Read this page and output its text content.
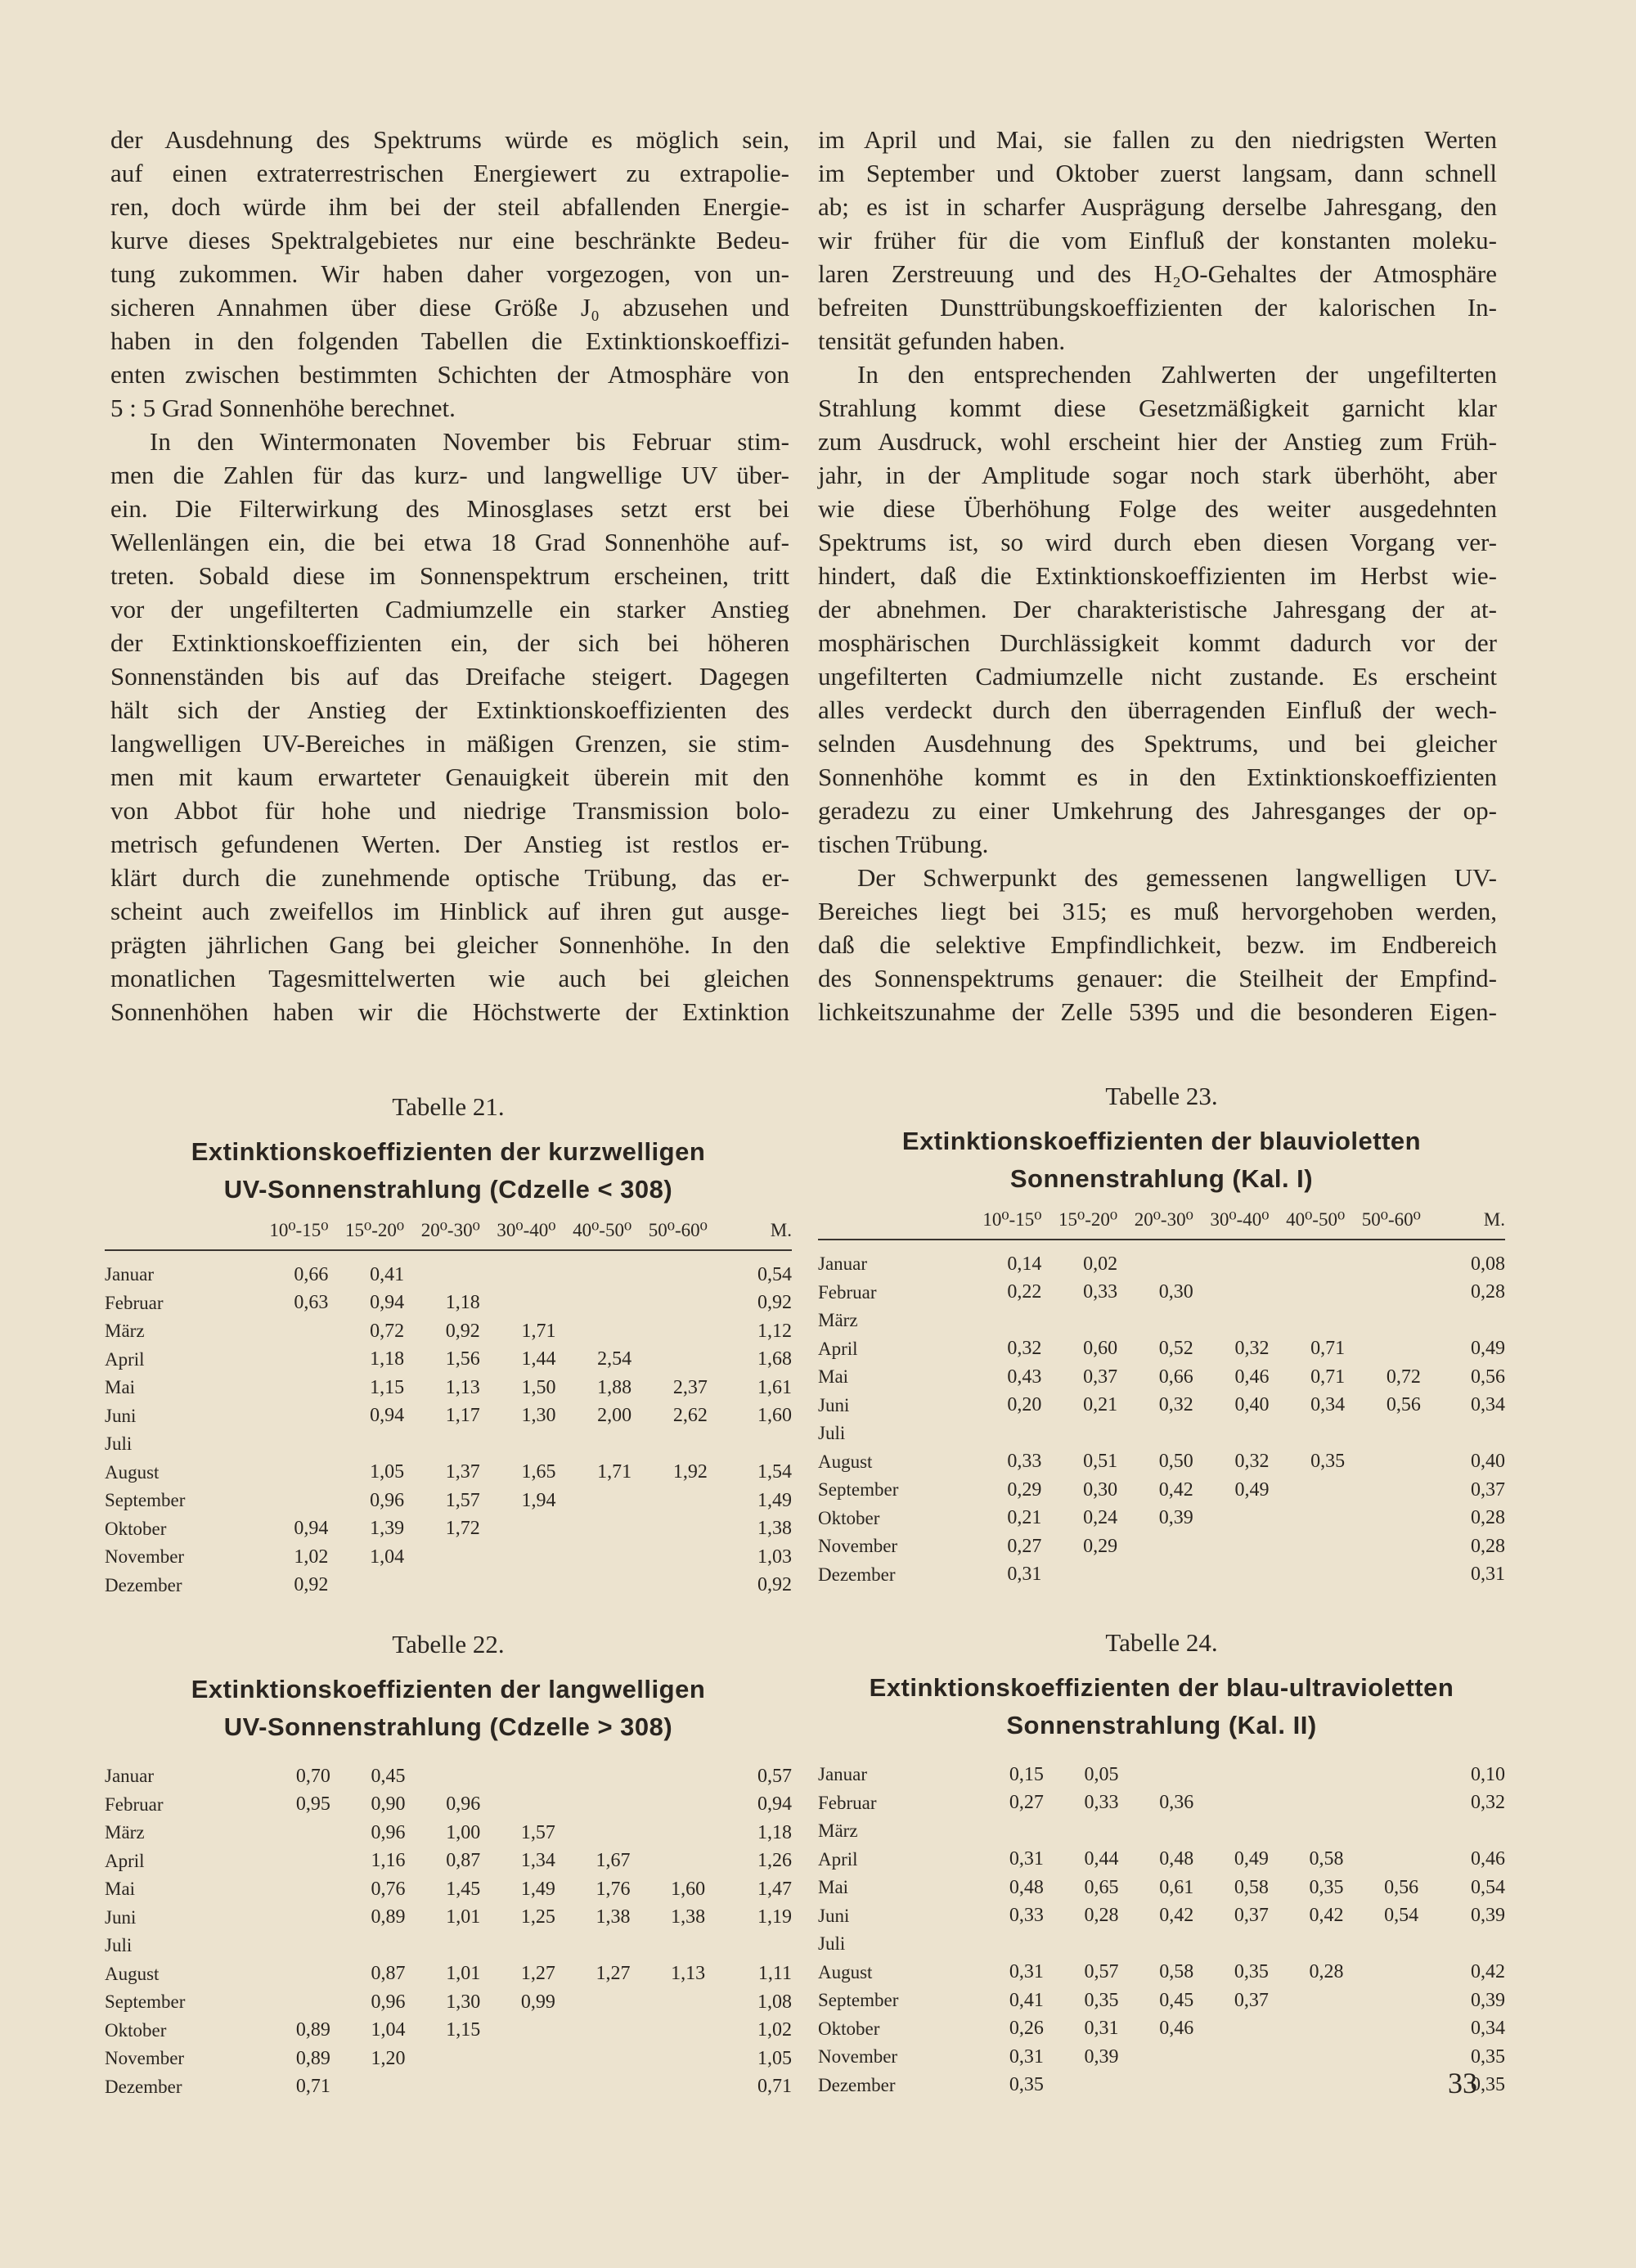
der Ausdehnung des Spektrums würde es möglich sein,
auf einen extraterrestrischen Energiewert zu extrapolie-
ren, doch würde ihm bei der steil abfallenden Energie-
kurve dieses Spektralgebietes nur eine beschränkte Bedeu-
tung zukommen. Wir haben daher vorgezogen, von un-
sicheren Annahmen über diese Größe J₀ abzusehen und
haben in den folgenden Tabellen die Extinktionskoeffizi-
enten zwischen bestimmten Schichten der Atmosphäre von
5 : 5 Grad Sonnenhöhe berechnet.
In den Wintermonaten November bis Februar stim-
men die Zahlen für das kurz- und langwellige UV über-
ein. Die Filterwirkung des Minosglases setzt erst bei
Wellenlängen ein, die bei etwa 18 Grad Sonnenhöhe auf-
treten. Sobald diese im Sonnenspektrum erscheinen, tritt
vor der ungefilterten Cadmiumzelle ein starker Anstieg
der Extinktionskoeffizienten ein, der sich bei höheren
Sonnenständen bis auf das Dreifache steigert. Dagegen
hält sich der Anstieg der Extinktionskoeffizienten des
langwelligen UV-Bereiches in mäßigen Grenzen, sie stim-
men mit kaum erwarteter Genauigkeit überein mit den
von Abbot für hohe und niedrige Transmission bolo-
metrisch gefundenen Werten. Der Anstieg ist restlos er-
klärt durch die zunehmende optische Trübung, das er-
scheint auch zweifellos im Hinblick auf ihren gut ausge-
prägten jährlichen Gang bei gleicher Sonnenhöhe. In den
monatlichen Tagesmittelwerten wie auch bei gleichen
Sonnenhöhen haben wir die Höchstwerte der Extinktion
im April und Mai, sie fallen zu den niedrigsten Werten
im September und Oktober zuerst langsam, dann schnell
ab; es ist in scharfer Ausprägung derselbe Jahresgang, den
wir früher für die vom Einfluß der konstanten moleku-
laren Zerstreuung und des H₂O-Gehaltes der Atmosphäre
befreiten Dunsttrübungskoeffizienten der kalorischen In-
tensität gefunden haben.
In den entsprechenden Zahlwerten der ungefilterten
Strahlung kommt diese Gesetzmäßigkeit garnicht klar
zum Ausdruck, wohl erscheint hier der Anstieg zum Früh-
jahr, in der Amplitude sogar noch stark überhöht, aber
wie diese Überhöhung Folge des weiter ausgedehnten
Spektrums ist, so wird durch eben diesen Vorgang ver-
hindert, daß die Extinktionskoeffizienten im Herbst wie-
der abnehmen. Der charakteristische Jahresgang der at-
mosphärischen Durchlässigkeit kommt dadurch vor der
ungefilterten Cadmiumzelle nicht zustande. Es erscheint
alles verdeckt durch den überragenden Einfluß der wech-
selnden Ausdehnung des Spektrums, und bei gleicher
Sonnenhöhe kommt es in den Extinktionskoeffizienten
geradezu zu einer Umkehrung des Jahresganges der op-
tischen Trübung.
Der Schwerpunkt des gemessenen langwelligen UV-
Bereiches liegt bei 315; es muß hervorgehoben werden,
daß die selektive Empfindlichkeit, bezw. im Endbereich
des Sonnenspektrums genauer: die Steilheit der Empfind-
lichkeitszunahme der Zelle 5395 und die besonderen Eigen-
Tabelle 21.
Extinktionskoeffizienten der kurzwelligen
UV-Sonnenstrahlung (Cdzelle < 308)
	10⁰-15⁰	15⁰-20⁰	20⁰-30⁰	30⁰-40⁰	40⁰-50⁰	50⁰-60⁰	M.
Januar	0,66	0,41					0,54
Februar	0,63	0,94	1,18				0,92
März		0,72	0,92	1,71			1,12
April		1,18	1,56	1,44	2,54		1,68
Mai		1,15	1,13	1,50	1,88	2,37	1,61
Juni		0,94	1,17	1,30	2,00	2,62	1,60
Juli							
August		1,05	1,37	1,65	1,71	1,92	1,54
September		0,96	1,57	1,94			1,49
Oktober	0,94	1,39	1,72				1,38
November	1,02	1,04					1,03
Dezember	0,92						0,92
Tabelle 22.
Extinktionskoeffizienten der langwelligen
UV-Sonnenstrahlung (Cdzelle > 308)
Januar	0,70	0,45					0,57
Februar	0,95	0,90	0,96				0,94
März		0,96	1,00	1,57			1,18
April		1,16	0,87	1,34	1,67		1,26
Mai		0,76	1,45	1,49	1,76	1,60	1,47
Juni		0,89	1,01	1,25	1,38	1,38	1,19
Juli							
August		0,87	1,01	1,27	1,27	1,13	1,11
September		0,96	1,30	0,99			1,08
Oktober	0,89	1,04	1,15				1,02
November	0,89	1,20					1,05
Dezember	0,71						0,71
Tabelle 23.
Extinktionskoeffizienten der blauvioletten
Sonnenstrahlung (Kal. I)
	10⁰-15⁰	15⁰-20⁰	20⁰-30⁰	30⁰-40⁰	40⁰-50⁰	50⁰-60⁰	M.
Januar	0,14	0,02					0,08
Februar	0,22	0,33	0,30				0,28
März							
April	0,32	0,60	0,52	0,32	0,71		0,49
Mai	0,43	0,37	0,66	0,46	0,71	0,72	0,56
Juni	0,20	0,21	0,32	0,40	0,34	0,56	0,34
Juli							
August	0,33	0,51	0,50	0,32	0,35		0,40
September	0,29	0,30	0,42	0,49			0,37
Oktober	0,21	0,24	0,39				0,28
November	0,27	0,29					0,28
Dezember	0,31						0,31
Tabelle 24.
Extinktionskoeffizienten der blau-ultravioletten
Sonnenstrahlung (Kal. II)
Januar	0,15	0,05					0,10
Februar	0,27	0,33	0,36				0,32
März							
April	0,31	0,44	0,48	0,49	0,58		0,46
Mai	0,48	0,65	0,61	0,58	0,35	0,56	0,54
Juni	0,33	0,28	0,42	0,37	0,42	0,54	0,39
Juli							
August	0,31	0,57	0,58	0,35	0,28		0,42
September	0,41	0,35	0,45	0,37			0,39
Oktober	0,26	0,31	0,46				0,34
November	0,31	0,39					0,35
Dezember	0,35						0,35
33
